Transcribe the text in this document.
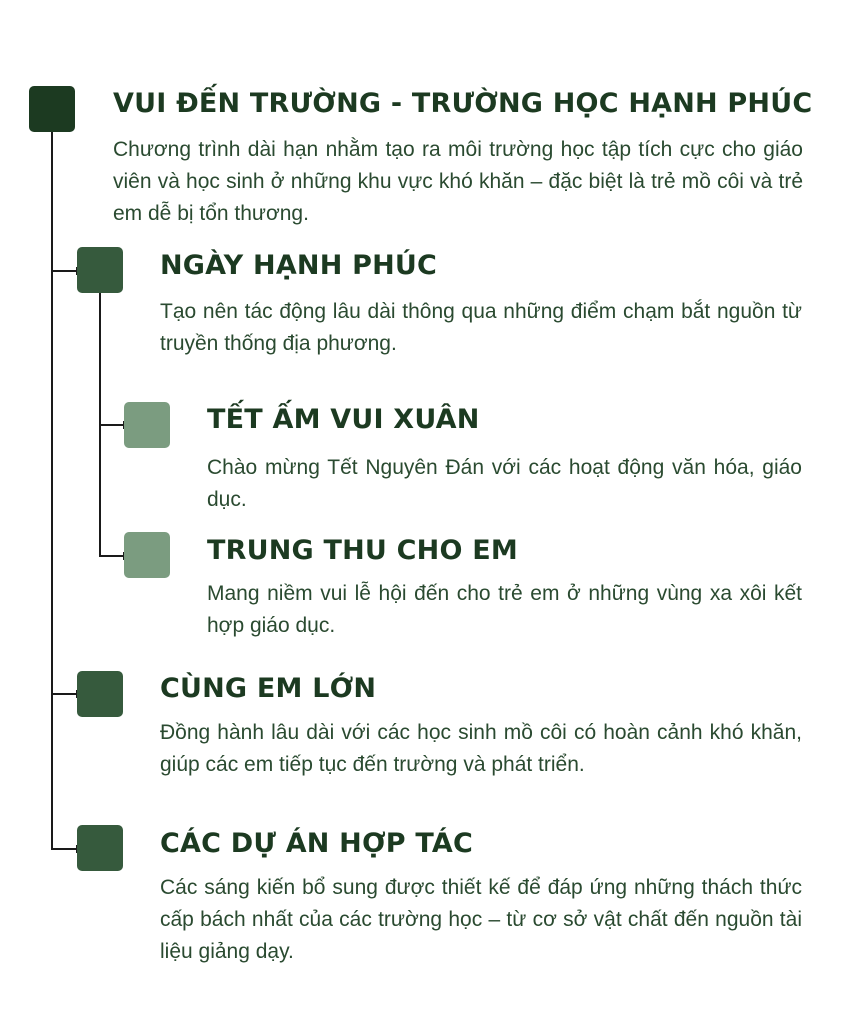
VUI ĐẾN TRƯỜNG - TRƯỜNG HỌC HẠNH PHÚC

Chương trình dài hạn nhằm tạo ra môi trường học tập tích cực cho giáo viên và học sinh ở những khu vực khó khăn – đặc biệt là trẻ mồ côi và trẻ em dễ bị tổn thương.

NGÀY HẠNH PHÚC

Tạo nên tác động lâu dài thông qua những điểm chạm bắt nguồn từ truyền thống địa phương.

TẾT ẤM VUI XUÂN

Chào mừng Tết Nguyên Đán với các hoạt động văn hóa, giáo dục.

TRUNG THU CHO EM

Mang niềm vui lễ hội đến cho trẻ em ở những vùng xa xôi kết hợp giáo dục.

CÙNG EM LỚN

Đồng hành lâu dài với các học sinh mồ côi có hoàn cảnh khó khăn, giúp các em tiếp tục đến trường và phát triển.

CÁC DỰ ÁN HỢP TÁC

Các sáng kiến bổ sung được thiết kế để đáp ứng những thách thức cấp bách nhất của các trường học – từ cơ sở vật chất đến nguồn tài liệu giảng dạy.
